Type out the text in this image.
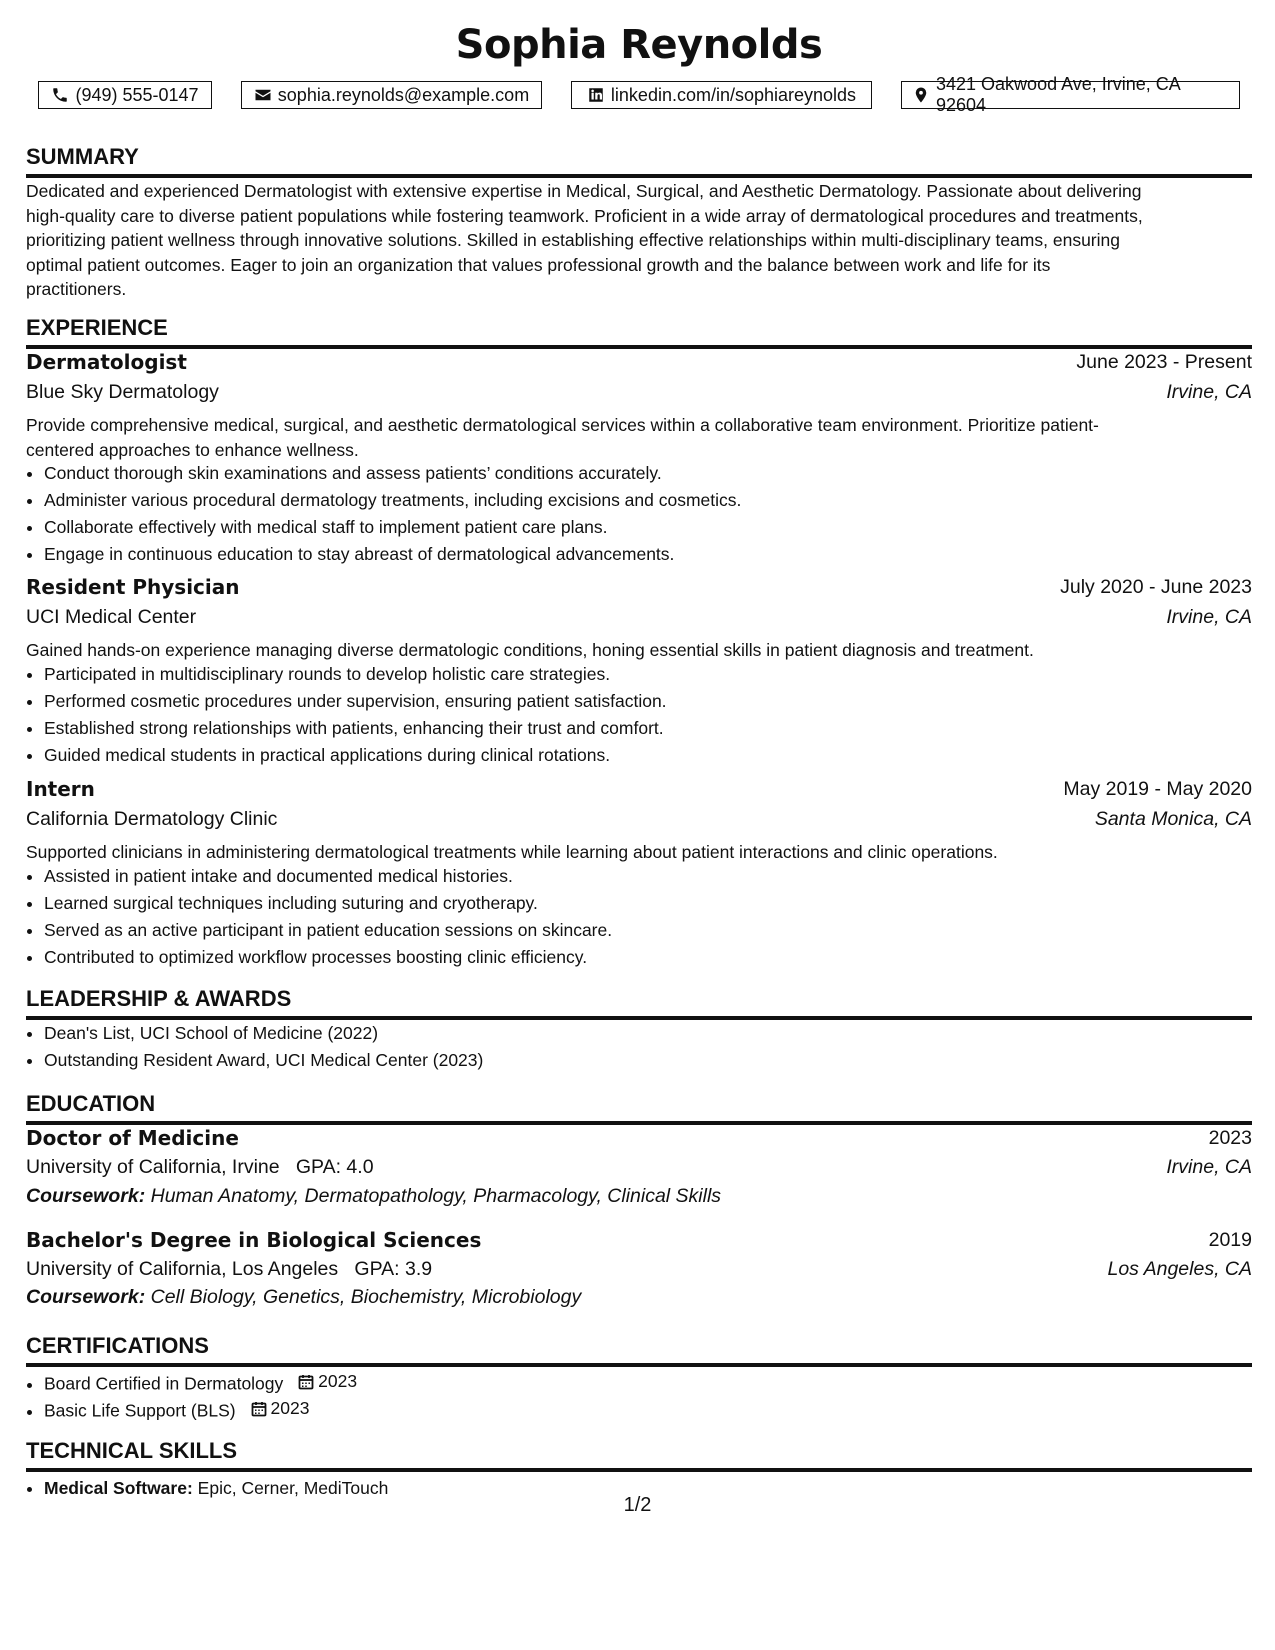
Sophia Reynolds
(949) 555-0147	sophia.reynolds@example.com	linkedin.com/in/sophiareynolds
3421 Oakwood Ave, Irvine, CA 92604
SUMMARY
Dedicated and experienced Dermatologist with extensive expertise in Medical, Surgical, and Aesthetic Dermatology. Passionate about delivering
high-quality care to diverse patient populations while fostering teamwork. Proficient in a wide array of dermatological procedures and treatments,
prioritizing patient wellness through innovative solutions. Skilled in establishing effective relationships within multi-disciplinary teams, ensuring
optimal patient outcomes. Eager to join an organization that values professional growth and the balance between work and life for its
practitioners.
EXPERIENCE
Dermatologist	June 2023 - Present
Blue Sky Dermatology	Irvine, CA
Provide comprehensive medical, surgical, and aesthetic dermatological services within a collaborative team environment. Prioritize patient-
centered approaches to enhance wellness.
• Conduct thorough skin examinations and assess patients’ conditions accurately.
• Administer various procedural dermatology treatments, including excisions and cosmetics.
• Collaborate effectively with medical staff to implement patient care plans.
• Engage in continuous education to stay abreast of dermatological advancements.
Resident Physician	July 2020 - June 2023
UCI Medical Center	Irvine, CA
Gained hands-on experience managing diverse dermatologic conditions, honing essential skills in patient diagnosis and treatment.
• Participated in multidisciplinary rounds to develop holistic care strategies.
• Performed cosmetic procedures under supervision, ensuring patient satisfaction.
• Established strong relationships with patients, enhancing their trust and comfort.
• Guided medical students in practical applications during clinical rotations.
Intern	May 2019 - May 2020
California Dermatology Clinic	Santa Monica, CA
Supported clinicians in administering dermatological treatments while learning about patient interactions and clinic operations.
• Assisted in patient intake and documented medical histories.
• Learned surgical techniques including suturing and cryotherapy.
• Served as an active participant in patient education sessions on skincare.
• Contributed to optimized workflow processes boosting clinic efficiency.
LEADERSHIP & AWARDS
• Dean's List, UCI School of Medicine (2022)
• Outstanding Resident Award, UCI Medical Center (2023)
EDUCATION
Doctor of Medicine	2023
University of California, Irvine GPA: 4.0	Irvine, CA
Coursework: Human Anatomy, Dermatopathology, Pharmacology, Clinical Skills
Bachelor's Degree in Biological Sciences	2019
University of California, Los Angeles GPA: 3.9	Los Angeles, CA
Coursework: Cell Biology, Genetics, Biochemistry, Microbiology
CERTIFICATIONS
• Board Certified in Dermatology 2023
• Basic Life Support (BLS) 2023
TECHNICAL SKILLS
• Medical Software: Epic, Cerner, MediTouch
1/2
